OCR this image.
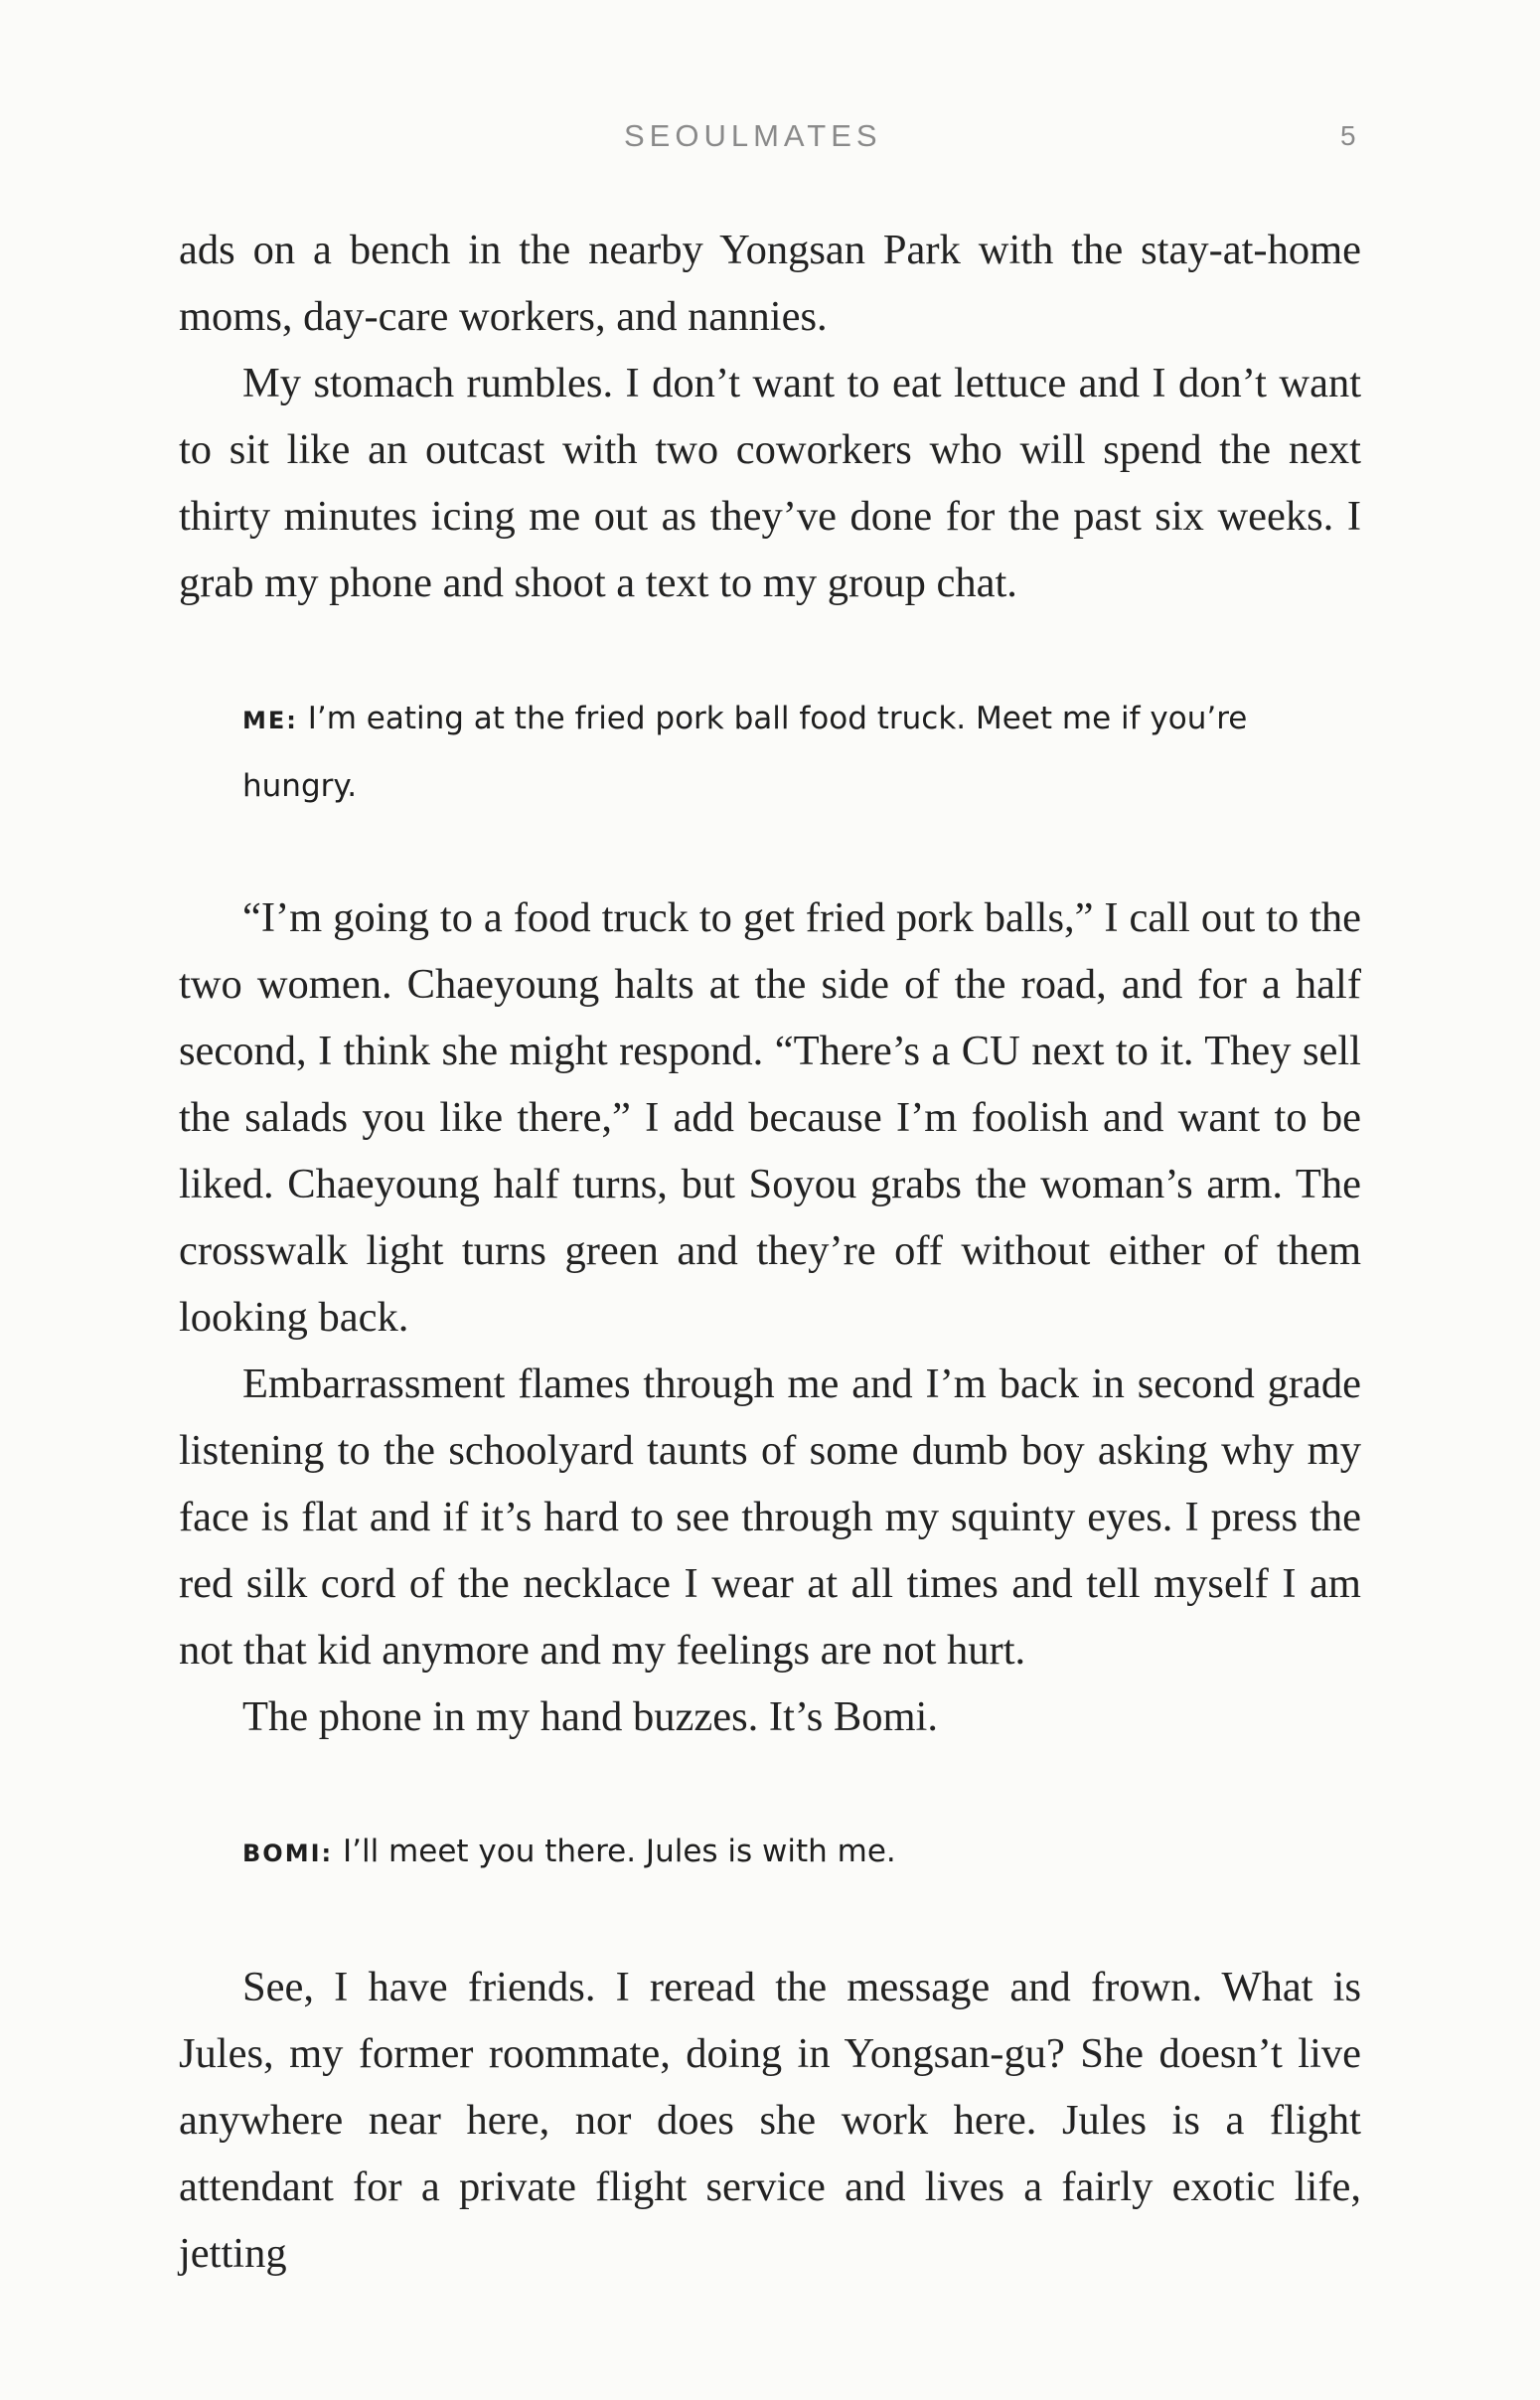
SEOULMATES	5

ads on a bench in the nearby Yongsan Park with the stay-at-home moms, day-care workers, and nannies.

My stomach rumbles. I don’t want to eat lettuce and I don’t want to sit like an outcast with two coworkers who will spend the next thirty minutes icing me out as they’ve done for the past six weeks. I grab my phone and shoot a text to my group chat.

ME: I’m eating at the fried pork ball food truck. Meet me if you’re hungry.

“I’m going to a food truck to get fried pork balls,” I call out to the two women. Chaeyoung halts at the side of the road, and for a half second, I think she might respond. “There’s a CU next to it. They sell the salads you like there,” I add because I’m foolish and want to be liked. Chaeyoung half turns, but Soyou grabs the woman’s arm. The crosswalk light turns green and they’re off without either of them looking back.

Embarrassment flames through me and I’m back in second grade listening to the schoolyard taunts of some dumb boy asking why my face is flat and if it’s hard to see through my squinty eyes. I press the red silk cord of the necklace I wear at all times and tell myself I am not that kid anymore and my feelings are not hurt.

The phone in my hand buzzes. It’s Bomi.

BOMI: I’ll meet you there. Jules is with me.

See, I have friends. I reread the message and frown. What is Jules, my former roommate, doing in Yongsan-gu? She doesn’t live anywhere near here, nor does she work here. Jules is a flight attendant for a private flight service and lives a fairly exotic life, jetting
